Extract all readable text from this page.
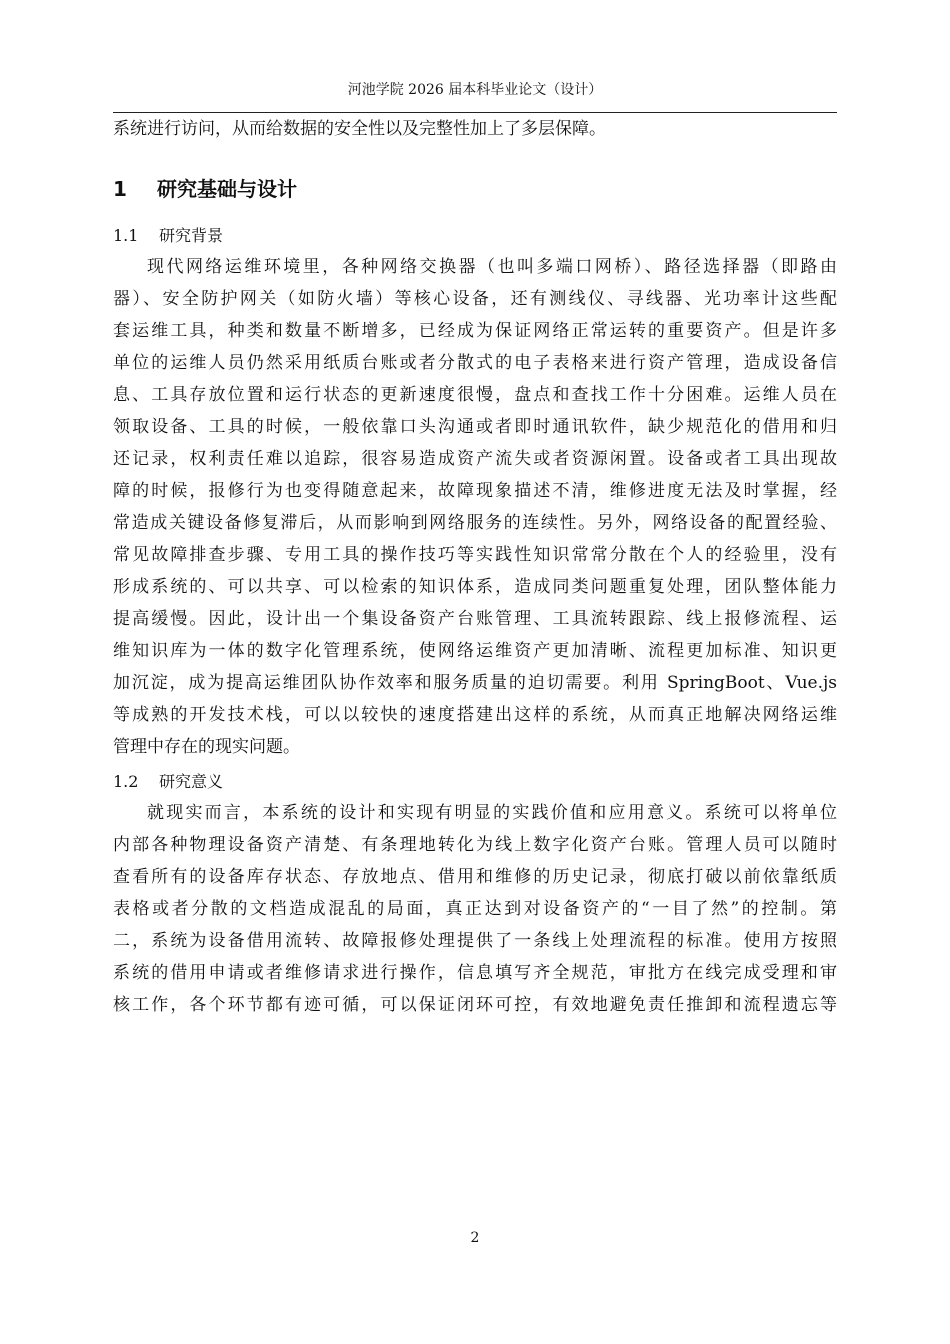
河池学院 2026 届本科毕业论文（设计）
系统进行访问，从而给数据的安全性以及完整性加上了多层保障。
1 研究基础与设计
1.1 研究背景
现代网络运维环境里，各种网络交换器（也叫多端口网桥）、路径选择器（即路由
器）、安全防护网关（如防火墙）等核心设备，还有测线仪、寻线器、光功率计这些配
套运维工具，种类和数量不断增多，已经成为保证网络正常运转的重要资产。但是许多
单位的运维人员仍然采用纸质台账或者分散式的电子表格来进行资产管理，造成设备信
息、工具存放位置和运行状态的更新速度很慢，盘点和查找工作十分困难。运维人员在
领取设备、工具的时候，一般依靠口头沟通或者即时通讯软件，缺少规范化的借用和归
还记录，权利责任难以追踪，很容易造成资产流失或者资源闲置。设备或者工具出现故
障的时候，报修行为也变得随意起来，故障现象描述不清，维修进度无法及时掌握，经
常造成关键设备修复滞后，从而影响到网络服务的连续性。另外，网络设备的配置经验、
常见故障排查步骤、专用工具的操作技巧等实践性知识常常分散在个人的经验里，没有
形成系统的、可以共享、可以检索的知识体系，造成同类问题重复处理，团队整体能力
提高缓慢。因此，设计出一个集设备资产台账管理、工具流转跟踪、线上报修流程、运
维知识库为一体的数字化管理系统，使网络运维资产更加清晰、流程更加标准、知识更
加沉淀，成为提高运维团队协作效率和服务质量的迫切需要。利用 SpringBoot、Vue.js
等成熟的开发技术栈，可以以较快的速度搭建出这样的系统，从而真正地解决网络运维
管理中存在的现实问题。
1.2 研究意义
就现实而言，本系统的设计和实现有明显的实践价值和应用意义。系统可以将单位
内部各种物理设备资产清楚、有条理地转化为线上数字化资产台账。管理人员可以随时
查看所有的设备库存状态、存放地点、借用和维修的历史记录，彻底打破以前依靠纸质
表格或者分散的文档造成混乱的局面，真正达到对设备资产的“一目了然”的控制。第
二，系统为设备借用流转、故障报修处理提供了一条线上处理流程的标准。使用方按照
系统的借用申请或者维修请求进行操作，信息填写齐全规范，审批方在线完成受理和审
核工作，各个环节都有迹可循，可以保证闭环可控，有效地避免责任推卸和流程遗忘等
2
